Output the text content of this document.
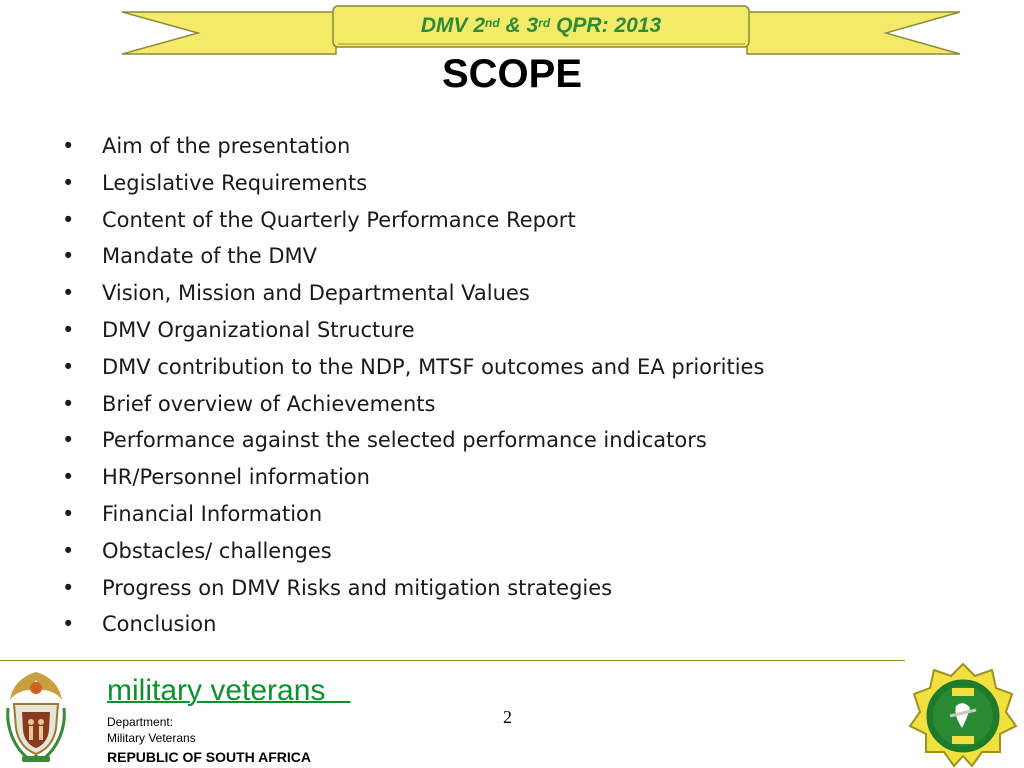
DMV 2nd & 3rd QPR: 2013
SCOPE
•	Aim of the presentation
•	Legislative Requirements
•	Content of the Quarterly Performance Report
•	Mandate of the DMV
•	Vision, Mission and Departmental Values
•	DMV Organizational Structure
•	DMV contribution to the NDP, MTSF outcomes and EA priorities
•	Brief overview of Achievements
•	Performance against the selected performance indicators
•	HR/Personnel information
•	Financial Information
•	Obstacles/ challenges
•	Progress on DMV Risks and mitigation strategies
•	Conclusion
military veterans
Department:
Military Veterans
REPUBLIC OF SOUTH AFRICA
2
